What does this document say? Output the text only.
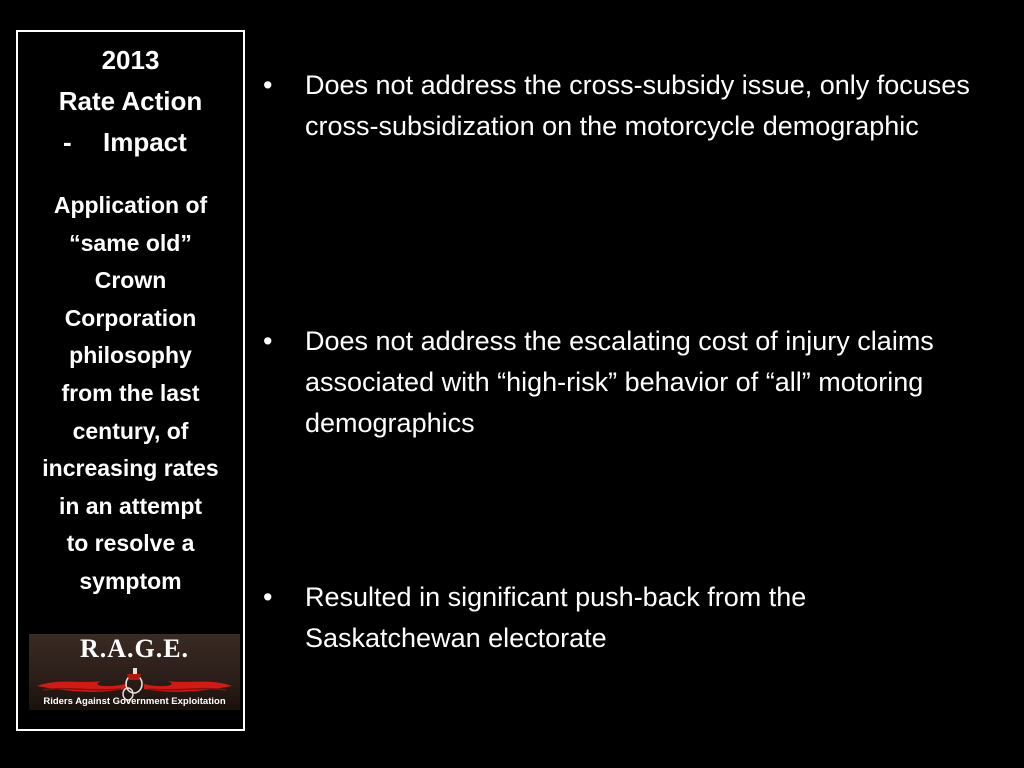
2013
Rate Action
- Impact
Application of
“same old”
Crown
Corporation
philosophy
from the last
century, of
increasing rates
in an attempt
to resolve a
symptom
R.A.G.E.
Riders Against Government Exploitation
•	Does not address the cross-subsidy issue, only focuses cross-subsidization on the motorcycle demographic
•	Does not address the escalating cost of injury claims associated with “high-risk” behavior of “all” motoring demographics
•	Resulted in significant push-back from the Saskatchewan electorate
